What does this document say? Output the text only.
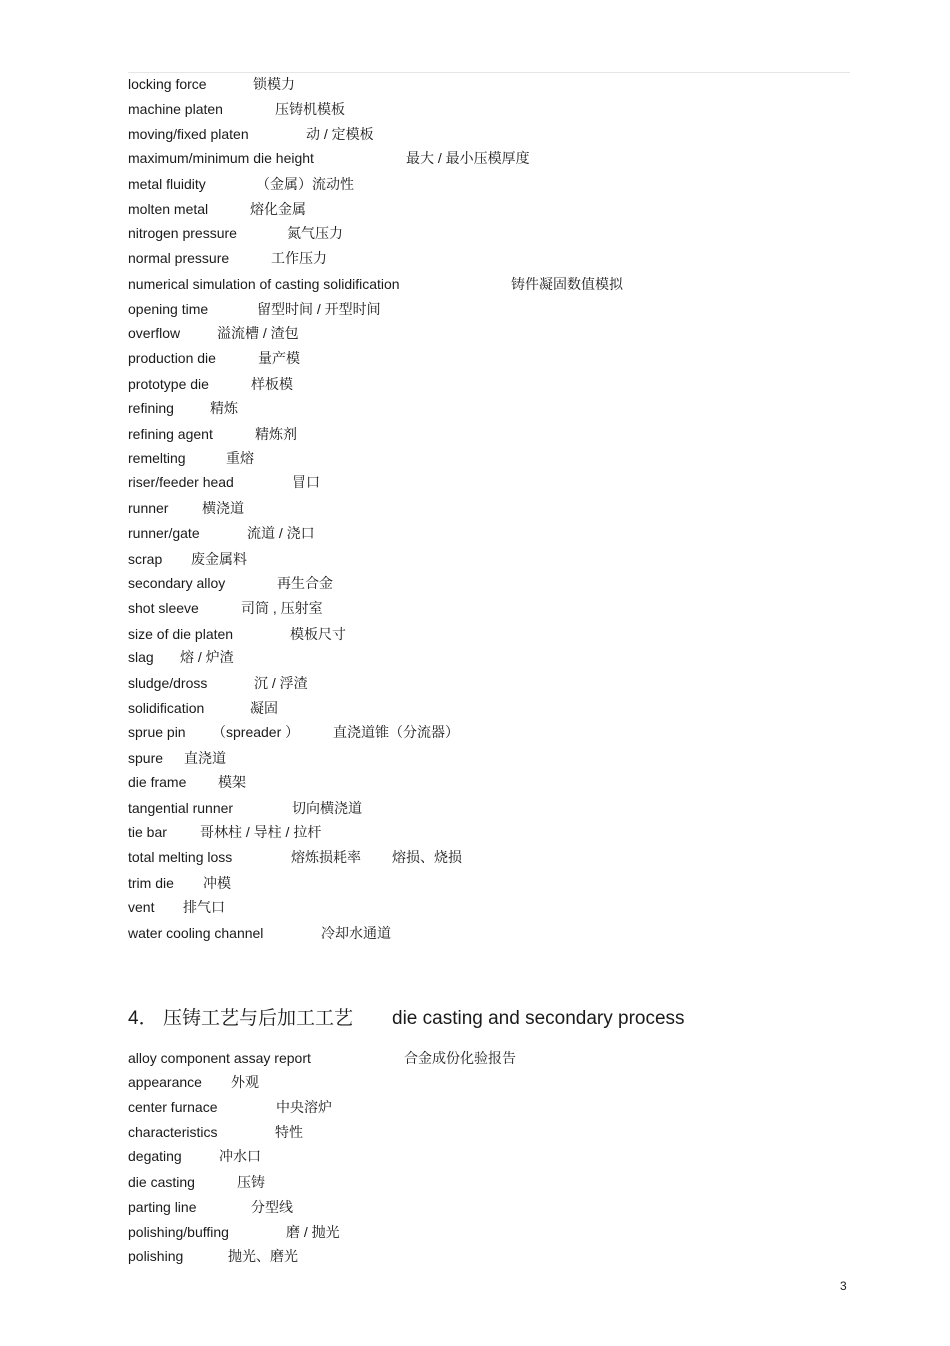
locking force	锁模力
machine platen	压铸机模板
moving/fixed platen	动 / 定模板
maximum/minimum die height	最大 / 最小压模厚度
metal fluidity	（金属）流动性
molten metal	熔化金属
nitrogen pressure	氮气压力
normal pressure	工作压力
numerical simulation of casting solidification	铸件凝固数值模拟
opening time	留型时间 / 开型时间
overflow	溢流槽 / 渣包
production die	量产模
prototype die	样板模
refining	精炼
refining agent	精炼剂
remelting	重熔
riser/feeder head	冒口
runner 横浇道
runner/gate	流道 / 浇口
scrap 废金属料
secondary alloy	再生合金
shot sleeve	司筒 , 压射室
size of die platen	模板尺寸
slag 熔 / 炉渣
sludge/dross	沉 / 浮渣
solidification	凝固
sprue pin （spreader ） 直浇道锥（分流器）
spure 直浇道
die frame 模架
tangential runner	切向横浇道
tie bar 哥林柱 / 导柱 / 拉杆
total melting loss	熔炼损耗率 熔损、烧损
trim die 冲模
vent 排气口
water cooling channel	冷却水通道
4． 压铸工艺与后加工工艺 die casting and secondary process
alloy component assay report	合金成份化验报告
appearance 外观
center furnace	中央溶炉
characteristics	特性
degating	冲水口
die casting	压铸
parting line	分型线
polishing/buffing	磨 / 抛光
polishing	抛光、磨光
3
